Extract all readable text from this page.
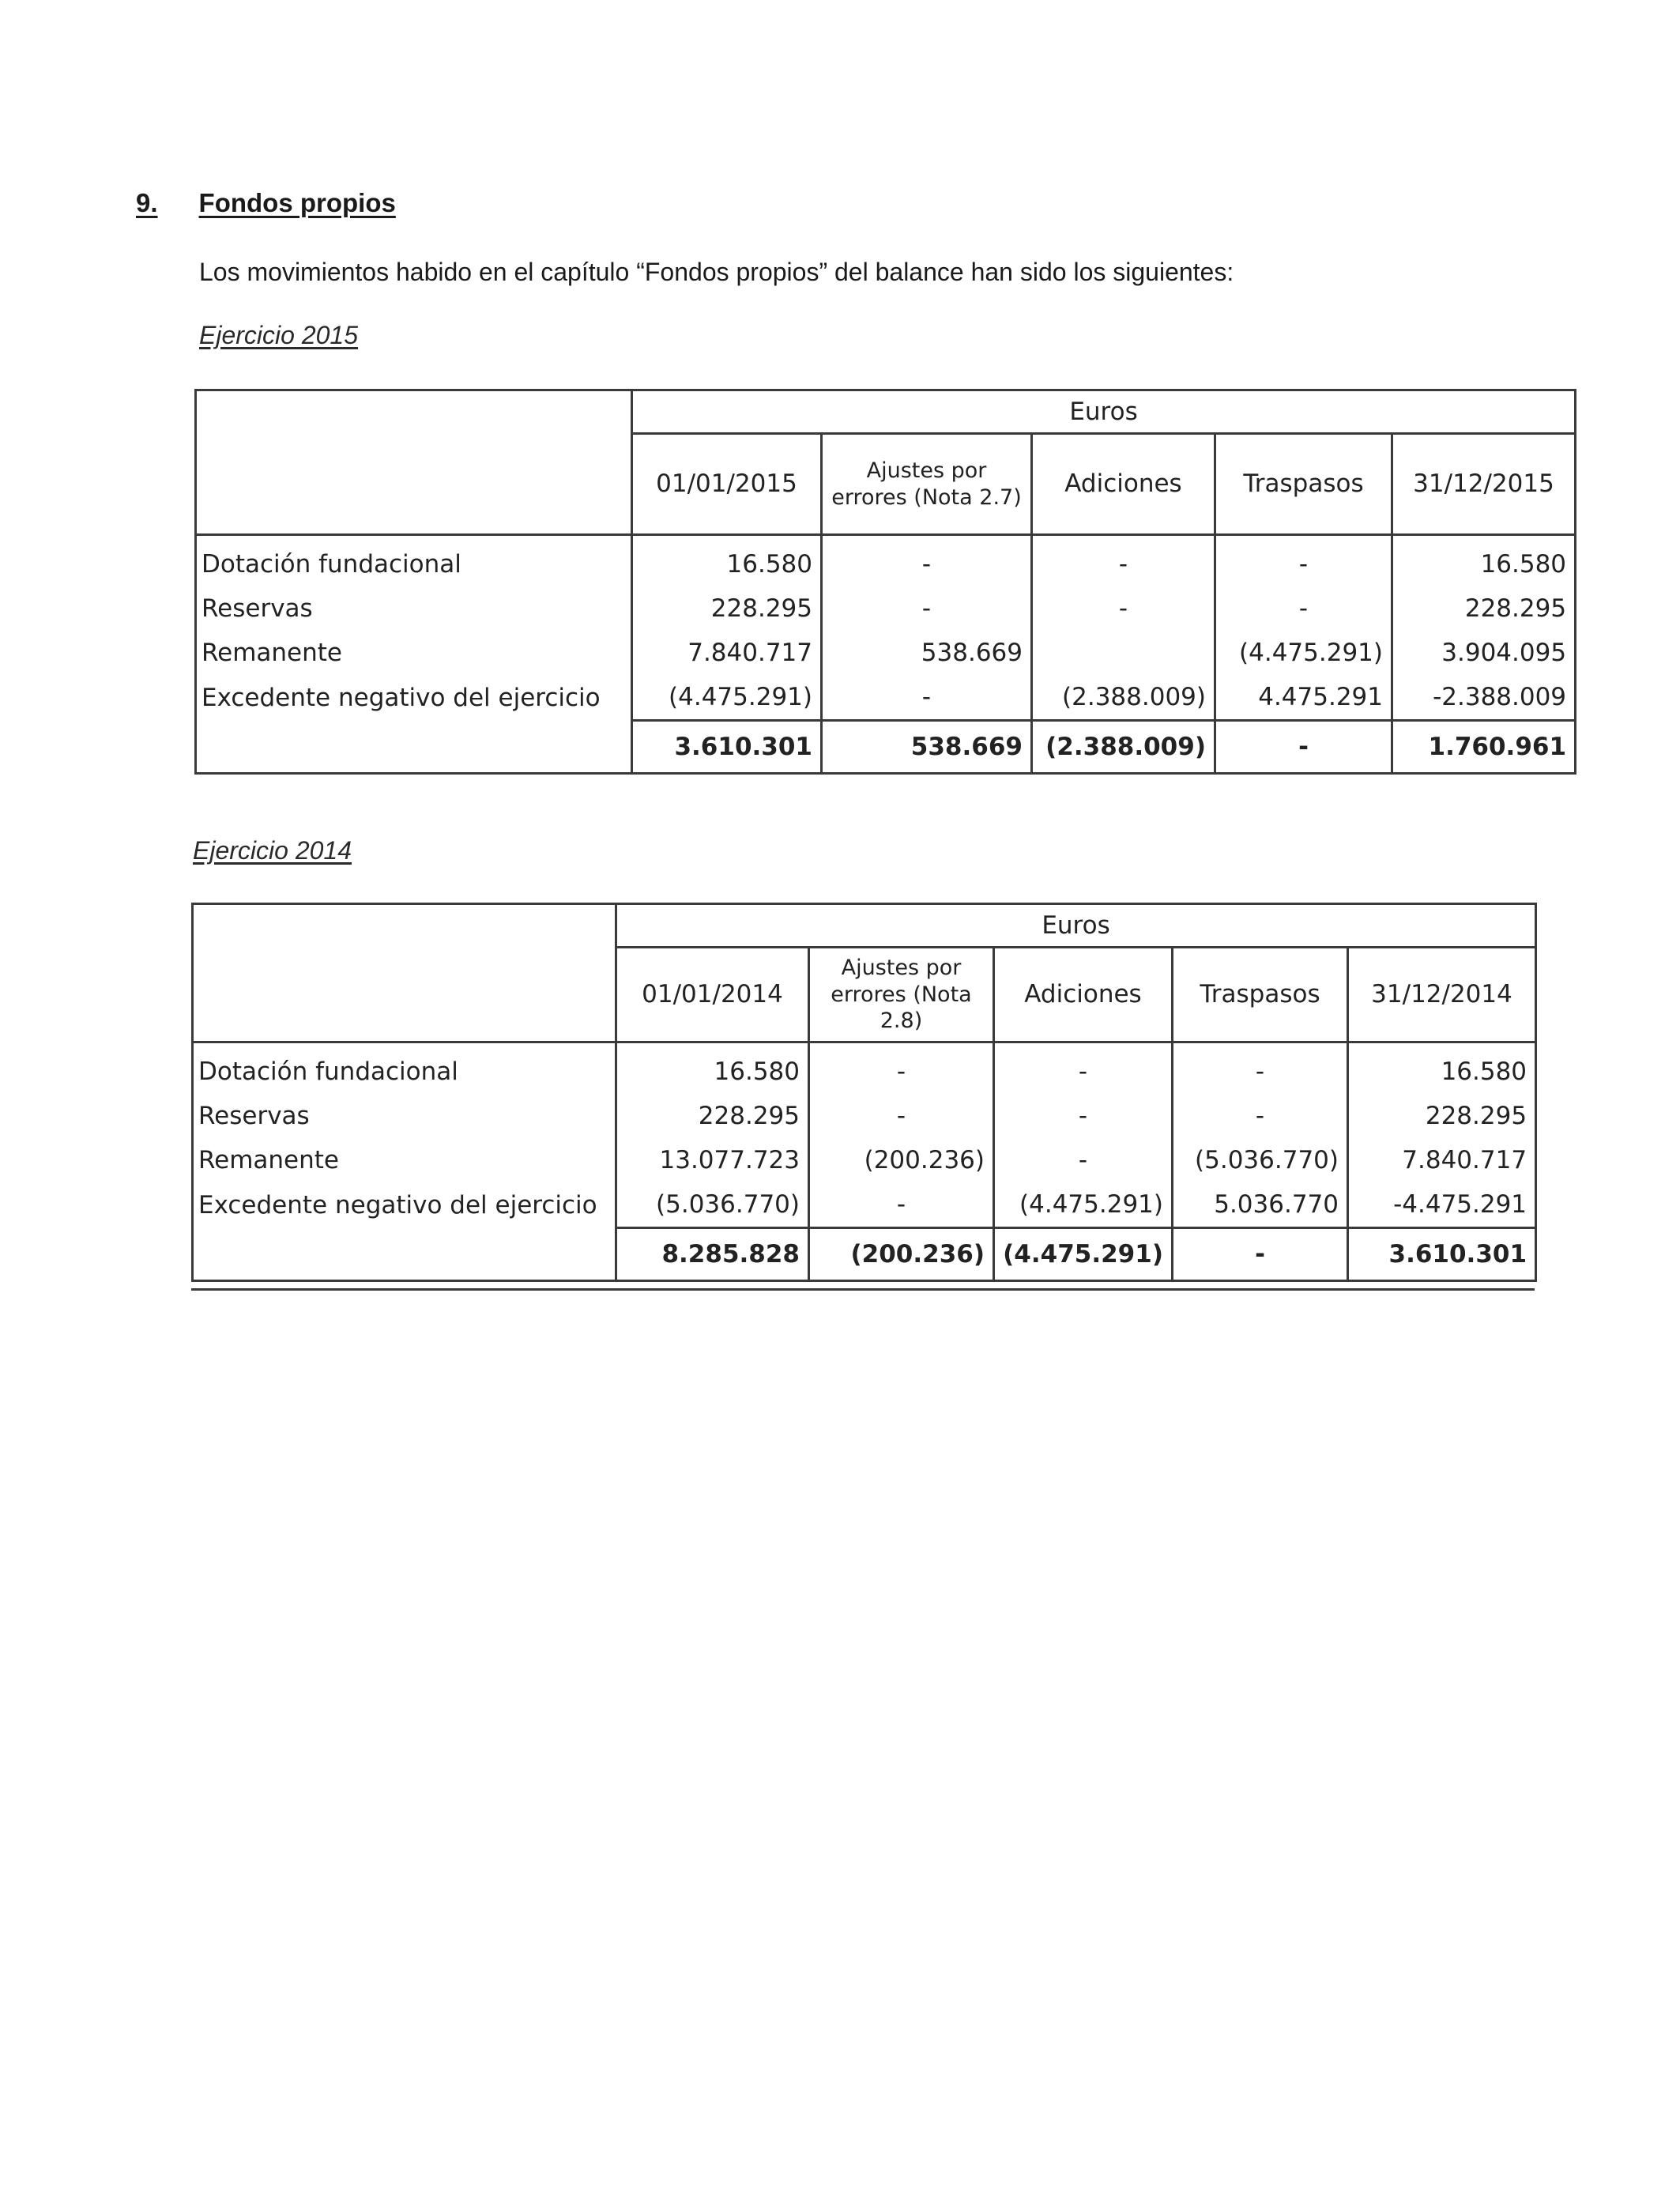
9. Fondos propios
Los movimientos habido en el capítulo “Fondos propios” del balance han sido los siguientes:
Ejercicio 2015
	Euros				
	01/01/2015	Ajustes por errores (Nota 2.7)	Adiciones	Traspasos	31/12/2015
Dotación fundacional	16.580	-	-	-	16.580
Reservas	228.295	-	-	-	228.295
Remanente	7.840.717	538.669		(4.475.291)	3.904.095
Excedente negativo del ejercicio	(4.475.291)	-	(2.388.009)	4.475.291	-2.388.009
	3.610.301	538.669	(2.388.009)	-	1.760.961
Ejercicio 2014
	Euros				
	01/01/2014	Ajustes por errores (Nota 2.8)	Adiciones	Traspasos	31/12/2014
Dotación fundacional	16.580	-	-	-	16.580
Reservas	228.295	-	-	-	228.295
Remanente	13.077.723	(200.236)	-	(5.036.770)	7.840.717
Excedente negativo del ejercicio	(5.036.770)	-	(4.475.291)	5.036.770	-4.475.291
	8.285.828	(200.236)	(4.475.291)	-	3.610.301
